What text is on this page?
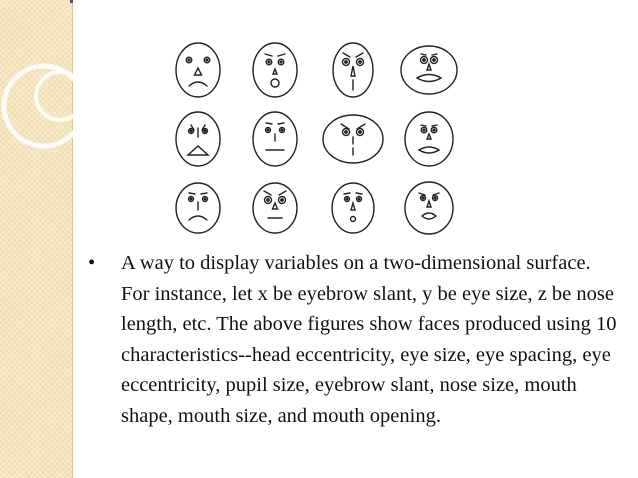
• A way to display variables on a two-dimensional surface. For instance, let x be eyebrow slant, y be eye size, z be nose length, etc. The above figures show faces produced using 10 characteristics--head eccentricity, eye size, eye spacing, eye eccentricity, pupil size, eyebrow slant, nose size, mouth shape, mouth size, and mouth opening.
